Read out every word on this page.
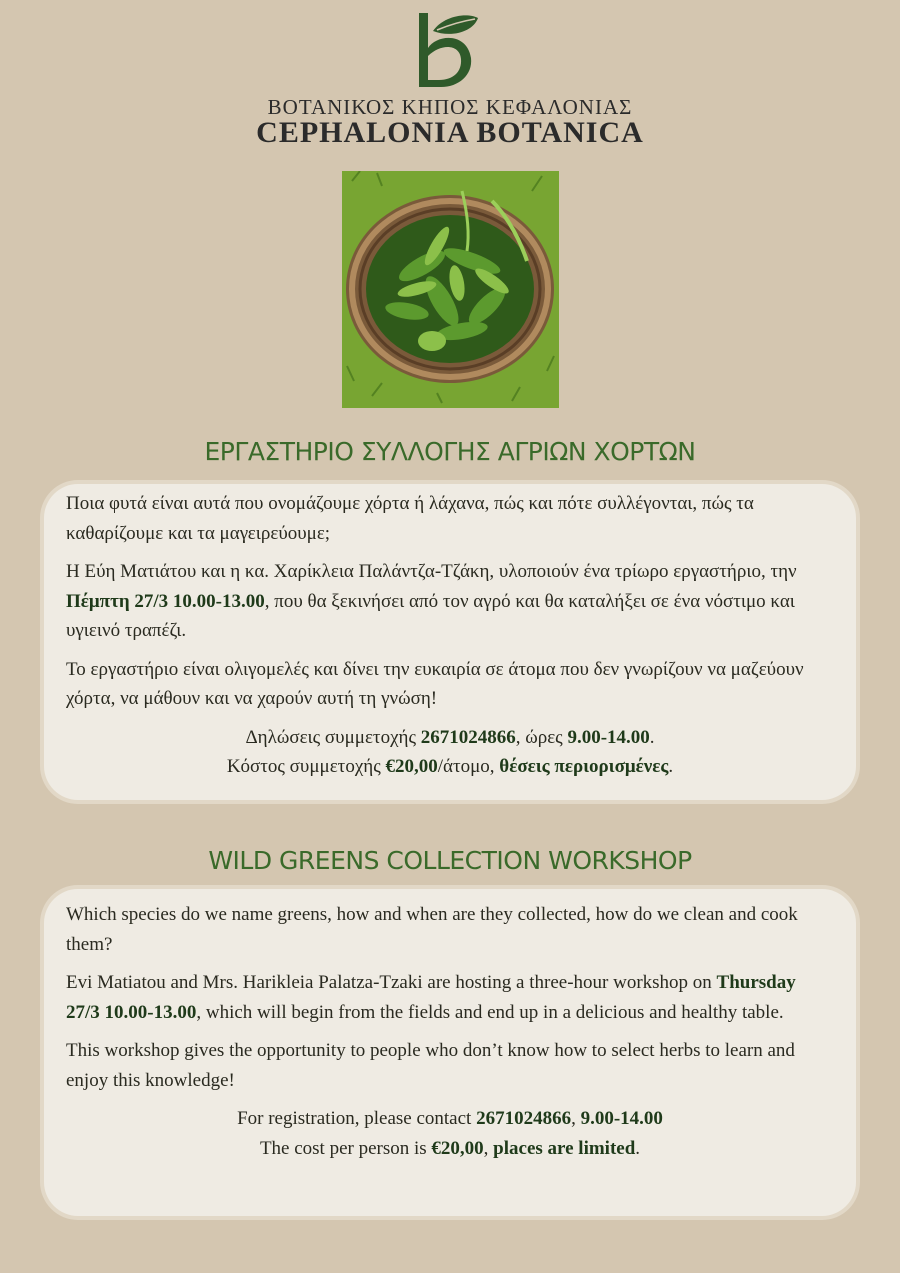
ΒΟΤΑΝΙΚΟΣ ΚΗΠΟΣ ΚΕΦΑΛΟΝΙΑΣ
CEPHALONIA BOTANICA
ΕΡΓΑΣΤΗΡΙΟ ΣΥΛΛΟΓΗΣ ΑΓΡΙΩΝ ΧΟΡΤΩΝ

Ποια φυτά είναι αυτά που ονομάζουμε χόρτα ή λάχανα, πώς και πότε συλλέγονται, πώς τα καθαρίζουμε και τα μαγειρεύουμε;

Η Εύη Ματιάτου και η κα. Χαρίκλεια Παλάντζα-Τζάκη, υλοποιούν ένα τρίωρο εργαστήριο, την Πέμπτη 27/3 10.00-13.00, που θα ξεκινήσει από τον αγρό και θα καταλήξει σε ένα νόστιμο και υγιεινό τραπέζι.

Το εργαστήριο είναι ολιγομελές και δίνει την ευκαιρία σε άτομα που δεν γνωρίζουν να μαζεύουν χόρτα, να μάθουν και να χαρούν αυτή τη γνώση!

Δηλώσεις συμμετοχής 2671024866, ώρες 9.00-14.00.

Κόστος συμμετοχής €20,00/άτομο, θέσεις περιορισμένες.

WILD GREENS COLLECTION WORKSHOP

Which species do we name greens, how and when are they collected, how do we clean and cook them?

Evi Matiatou and Mrs. Harikleia Palatza-Tzaki are hosting a three-hour workshop on Thursday 27/3 10.00-13.00, which will begin from the fields and end up in a delicious and healthy table.

This workshop gives the opportunity to people who don’t know how to select herbs to learn and enjoy this knowledge!

For registration, please contact 2671024866, 9.00-14.00

The cost per person is €20,00, places are limited.
